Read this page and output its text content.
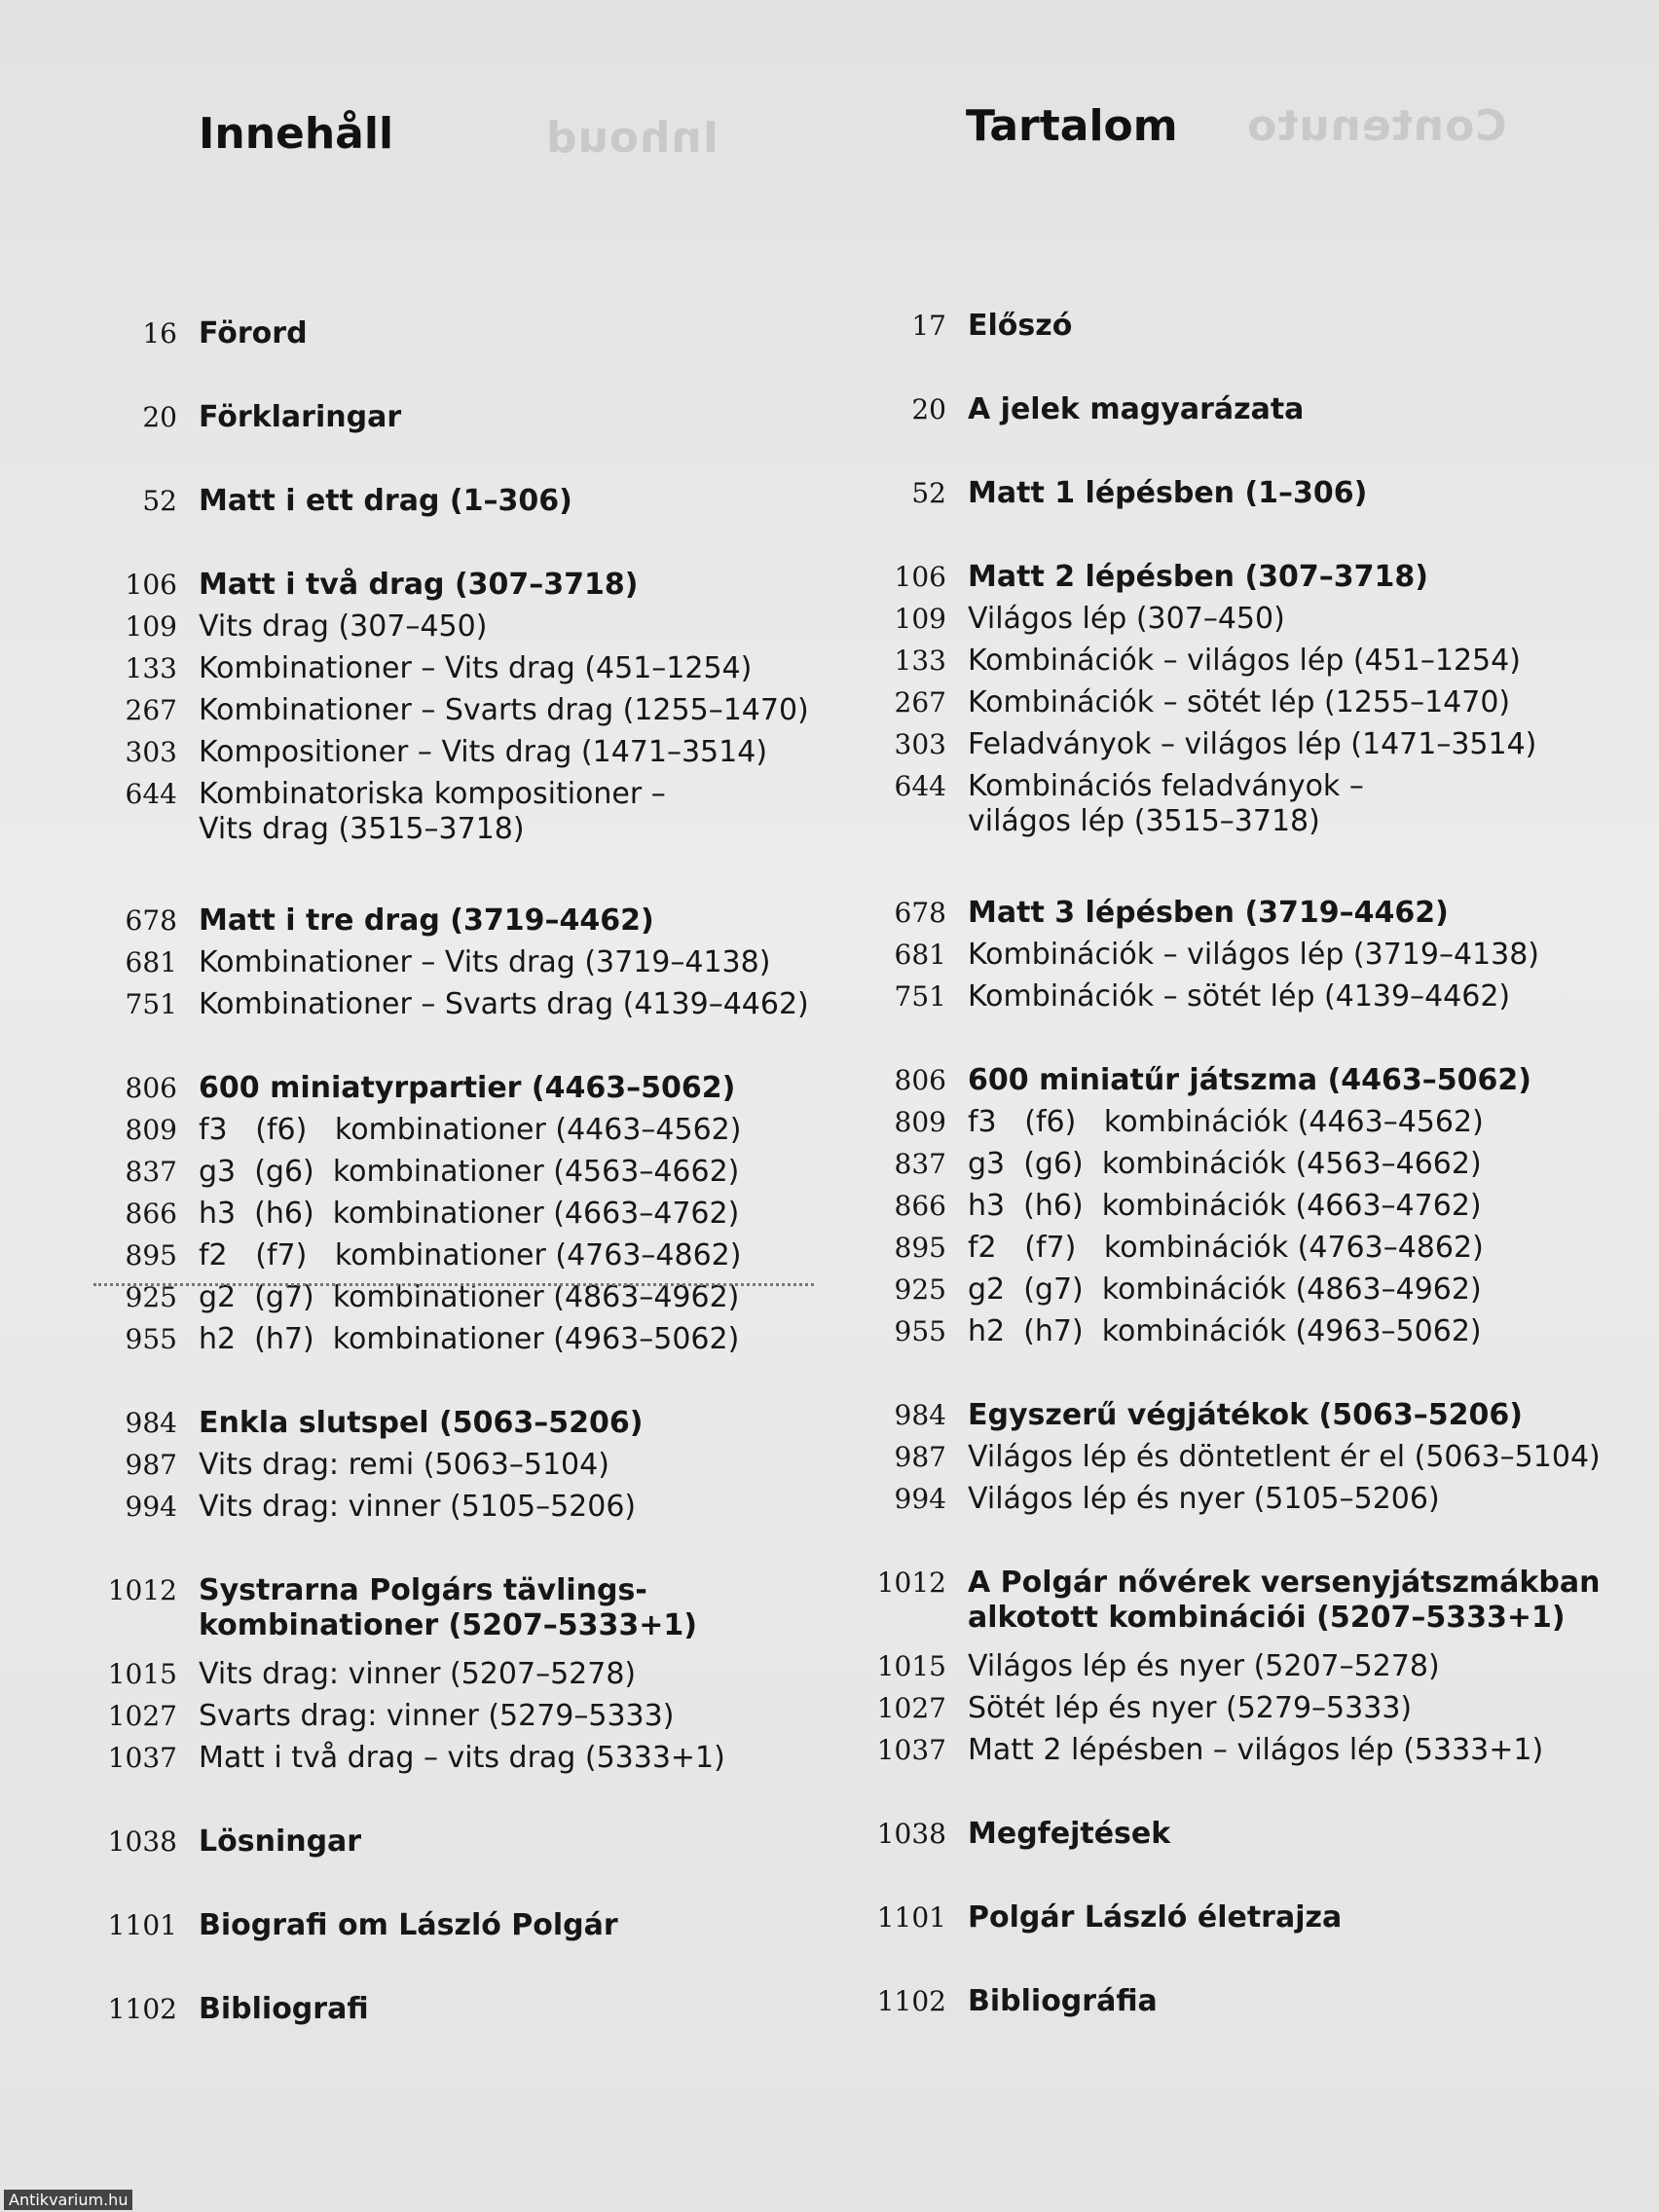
Inhoud	Contenuto
Innehåll	Tartalom
16 Förord
20 Förklaringar
52 Matt i ett drag (1–306)
106 Matt i två drag (307–3718)
109 Vits drag (307–450)
133 Kombinationer – Vits drag (451–1254)
267 Kombinationer – Svarts drag (1255–1470)
303 Kompositioner – Vits drag (1471–3514)
644 Kombinatoriska kompositioner –
Vits drag (3515–3718)
678 Matt i tre drag (3719–4462)
681 Kombinationer – Vits drag (3719–4138)
751 Kombinationer – Svarts drag (4139–4462)
806 600 miniatyrpartier (4463–5062)
809 f3   (f6)   kombinationer (4463–4562)
837 g3  (g6)  kombinationer (4563–4662)
866 h3  (h6)  kombinationer (4663–4762)
895 f2   (f7)   kombinationer (4763–4862)
925 g2  (g7)  kombinationer (4863–4962)
955 h2  (h7)  kombinationer (4963–5062)
984 Enkla slutspel (5063–5206)
987 Vits drag: remi (5063–5104)
994 Vits drag: vinner (5105–5206)
1012 Systrarna Polgárs tävlings-
kombinationer (5207–5333+1)
1015 Vits drag: vinner (5207–5278)
1027 Svarts drag: vinner (5279–5333)
1037 Matt i två drag – vits drag (5333+1)
1038 Lösningar
1101 Biografi om László Polgár
1102 Bibliografi
17 Előszó
20 A jelek magyarázata
52 Matt 1 lépésben (1–306)
106 Matt 2 lépésben (307–3718)
109 Világos lép (307–450)
133 Kombinációk – világos lép (451–1254)
267 Kombinációk – sötét lép (1255–1470)
303 Feladványok – világos lép (1471–3514)
644 Kombinációs feladványok –
világos lép (3515–3718)
678 Matt 3 lépésben (3719–4462)
681 Kombinációk – világos lép (3719–4138)
751 Kombinációk – sötét lép (4139–4462)
806 600 miniatűr játszma (4463–5062)
809 f3   (f6)   kombinációk (4463–4562)
837 g3  (g6)  kombinációk (4563–4662)
866 h3  (h6)  kombinációk (4663–4762)
895 f2   (f7)   kombinációk (4763–4862)
925 g2  (g7)  kombinációk (4863–4962)
955 h2  (h7)  kombinációk (4963–5062)
984 Egyszerű végjátékok (5063–5206)
987 Világos lép és döntetlent ér el (5063–5104)
994 Világos lép és nyer (5105–5206)
1012 A Polgár nővérek versenyjátszmákban
alkotott kombinációi (5207–5333+1)
1015 Világos lép és nyer (5207–5278)
1027 Sötét lép és nyer (5279–5333)
1037 Matt 2 lépésben – világos lép (5333+1)
1038 Megfejtések
1101 Polgár László életrajza
1102 Bibliográfia
Antikvarium.hu
